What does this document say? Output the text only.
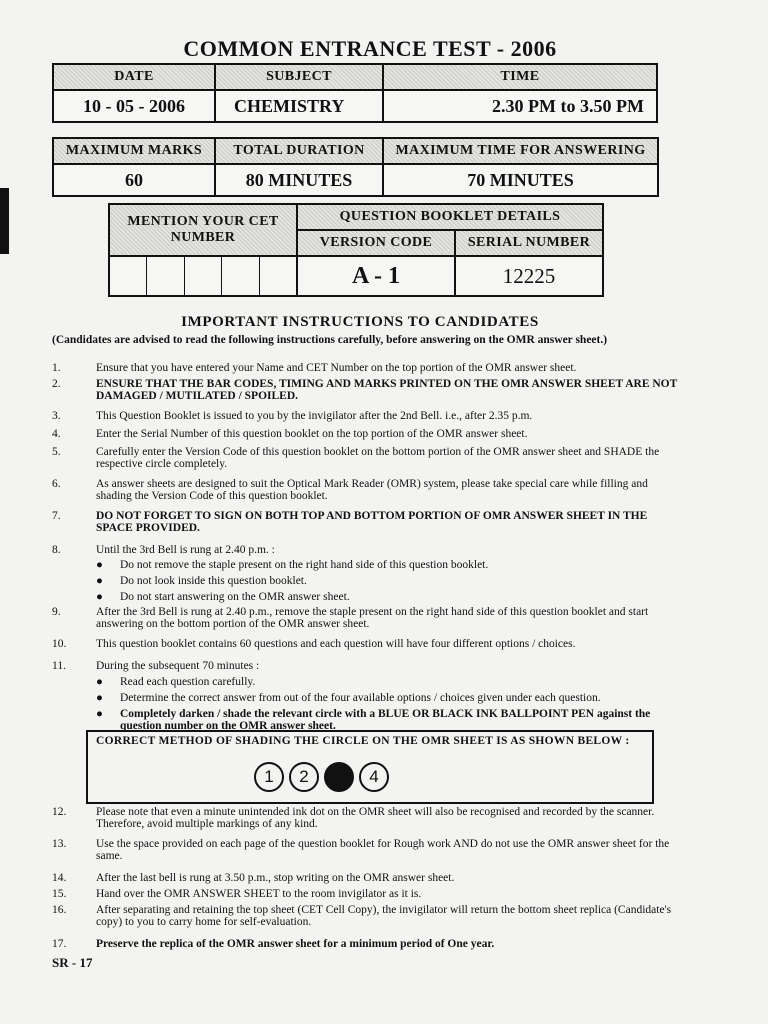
COMMON ENTRANCE TEST - 2006
DATE	SUBJECT	TIME
10 - 05 - 2006	CHEMISTRY	2.30 PM to 3.50 PM
MAXIMUM MARKS	TOTAL DURATION	MAXIMUM TIME FOR ANSWERING
60	80 MINUTES	70 MINUTES
MENTION YOUR CET NUMBER	QUESTION BOOKLET DETAILS	
	VERSION CODE	SERIAL NUMBER

	A - 1	12225
IMPORTANT INSTRUCTIONS TO CANDIDATES
(Candidates are advised to read the following instructions carefully, before answering on the OMR answer sheet.)
1.	Ensure that you have entered your Name and CET Number on the top portion of the OMR answer sheet.
2.	ENSURE THAT THE BAR CODES, TIMING AND MARKS PRINTED ON THE OMR ANSWER SHEET ARE NOT DAMAGED / MUTILATED / SPOILED.
3.	This Question Booklet is issued to you by the invigilator after the 2nd Bell. i.e., after 2.35 p.m.
4.	Enter the Serial Number of this question booklet on the top portion of the OMR answer sheet.
5.	Carefully enter the Version Code of this question booklet on the bottom portion of the OMR answer sheet and SHADE the respective circle completely.
6.	As answer sheets are designed to suit the Optical Mark Reader (OMR) system, please take special care while filling and shading the Version Code of this question booklet.
7.	DO NOT FORGET TO SIGN ON BOTH TOP AND BOTTOM PORTION OF OMR ANSWER SHEET IN THE SPACE PROVIDED.
8.	Until the 3rd Bell is rung at 2.40 p.m. :
● Do not remove the staple present on the right hand side of this question booklet.
● Do not look inside this question booklet.
● Do not start answering on the OMR answer sheet.
9.	After the 3rd Bell is rung at 2.40 p.m., remove the staple present on the right hand side of this question booklet and start answering on the bottom portion of the OMR answer sheet.
10.	This question booklet contains 60 questions and each question will have four different options / choices.
11.	During the subsequent 70 minutes :
● Read each question carefully.
● Determine the correct answer from out of the four available options / choices given under each question.
● Completely darken / shade the relevant circle with a BLUE OR BLACK INK BALLPOINT PEN against the question number on the OMR answer sheet.
CORRECT METHOD OF SHADING THE CIRCLE ON THE OMR SHEET IS AS SHOWN BELOW :
1	2	4
12.	Please note that even a minute unintended ink dot on the OMR sheet will also be recognised and recorded by the scanner. Therefore, avoid multiple markings of any kind.
13.	Use the space provided on each page of the question booklet for Rough work AND do not use the OMR answer sheet for the same.
14.	After the last bell is rung at 3.50 p.m., stop writing on the OMR answer sheet.
15.	Hand over the OMR ANSWER SHEET to the room invigilator as it is.
16.	After separating and retaining the top sheet (CET Cell Copy), the invigilator will return the bottom sheet replica (Candidate's copy) to you to carry home for self-evaluation.
17.	Preserve the replica of the OMR answer sheet for a minimum period of One year.
SR - 17
